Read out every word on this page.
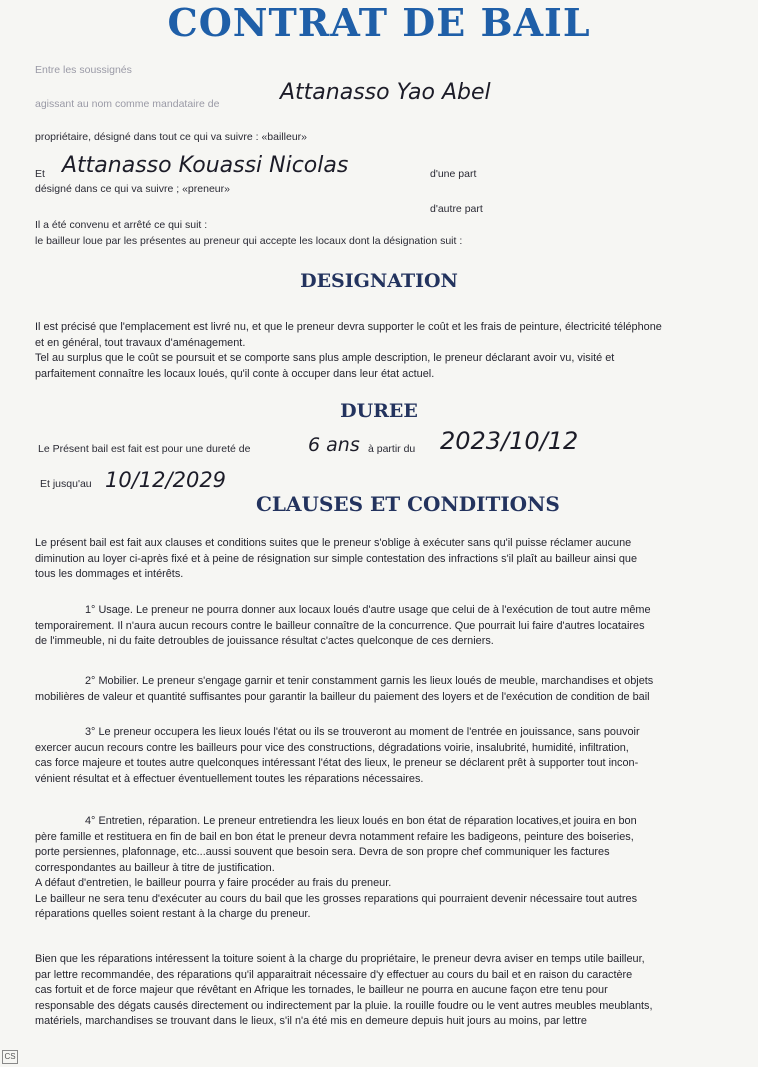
CONTRAT DE BAIL
Entre les soussignés
agissant au nom comme mandataire de	Attanasso Yao Abel
propriétaire, désigné dans tout ce qui va suivre : «bailleur»
Et Attanasso Kouassi Nicolas	d'une part
désigné dans ce qui va suivre ; «preneur»
d'autre part
Il a été convenu et arrêté ce qui suit :
le bailleur loue par les présentes au preneur qui accepte les locaux dont la désignation suit :
DESIGNATION

Il est précisé que l'emplacement est livré nu, et que le preneur devra supporter le coût et les frais de peinture, électricité téléphone

et en général, tout travaux d'aménagement.

Tel au surplus que le coût se poursuit et se comporte sans plus ample description, le preneur déclarant avoir vu, visité et

parfaitement connaître les locaux loués, qu'il conte à occuper dans leur état actuel.

DUREE
Le Présent bail est fait est pour une dureté de	6 ans à partir du 2023/10/12
Et jusqu'au 10/12/2029
CLAUSES ET CONDITIONS

Le présent bail est fait aux clauses et conditions suites que le preneur s'oblige à exécuter sans qu'il puisse réclamer aucune

diminution au loyer ci-après fixé et à peine de résignation sur simple contestation des infractions s'il plaît au bailleur ainsi que

tous les dommages et intérêts.

1° Usage. Le preneur ne pourra donner aux locaux loués d'autre usage que celui de à l'exécution de tout autre même

temporairement. Il n'aura aucun recours contre le bailleur connaître de la concurrence. Que pourrait lui faire d'autres locataires

de l'immeuble, ni du faite detroubles de jouissance résultat c'actes quelconque de ces derniers.

2° Mobilier. Le preneur s'engage garnir et tenir constamment garnis les lieux loués de meuble, marchandises et objets

mobilières de valeur et quantité suffisantes pour garantir la bailleur du paiement des loyers et de l'exécution de condition de bail

3° Le preneur occupera les lieux loués l'état ou ils se trouveront au moment de l'entrée en jouissance, sans pouvoir

exercer aucun recours contre les bailleurs pour vice des constructions, dégradations voirie, insalubrité, humidité, infiltration,

cas force majeure et toutes autre quelconques intéressant l'état des lieux, le preneur se déclarent prêt à supporter tout incon-

vénient résultat et à effectuer éventuellement toutes les réparations nécessaires.

4° Entretien, réparation. Le preneur entretiendra les lieux loués en bon état de réparation locatives,et jouira en bon

père famille et restituera en fin de bail en bon état le preneur devra notamment refaire les badigeons, peinture des boiseries,

porte persiennes, plafonnage, etc...aussi souvent que besoin sera. Devra de son propre chef communiquer les factures

correspondantes au bailleur à titre de justification.

A défaut d'entretien, le bailleur pourra y faire procéder au frais du preneur.

Le bailleur ne sera tenu d'exécuter au cours du bail que les grosses reparations qui pourraient devenir nécessaire tout autres

réparations quelles soient restant à la charge du preneur.

Bien que les réparations intéressent la toiture soient à la charge du propriétaire, le preneur devra aviser en temps utile bailleur,

par lettre recommandée, des réparations qu'il apparaitrait nécessaire d'y effectuer au cours du bail et en raison du caractère

cas fortuit et de force majeur que révêtant en Afrique les tornades, le bailleur ne pourra en aucune façon etre tenu pour

responsable des dégats causés directement ou indirectement par la pluie. la rouille foudre ou le vent autres meubles meublants,

matériels, marchandises se trouvant dans le lieux, s'il n'a été mis en demeure depuis huit jours au moins, par lettre

CS
